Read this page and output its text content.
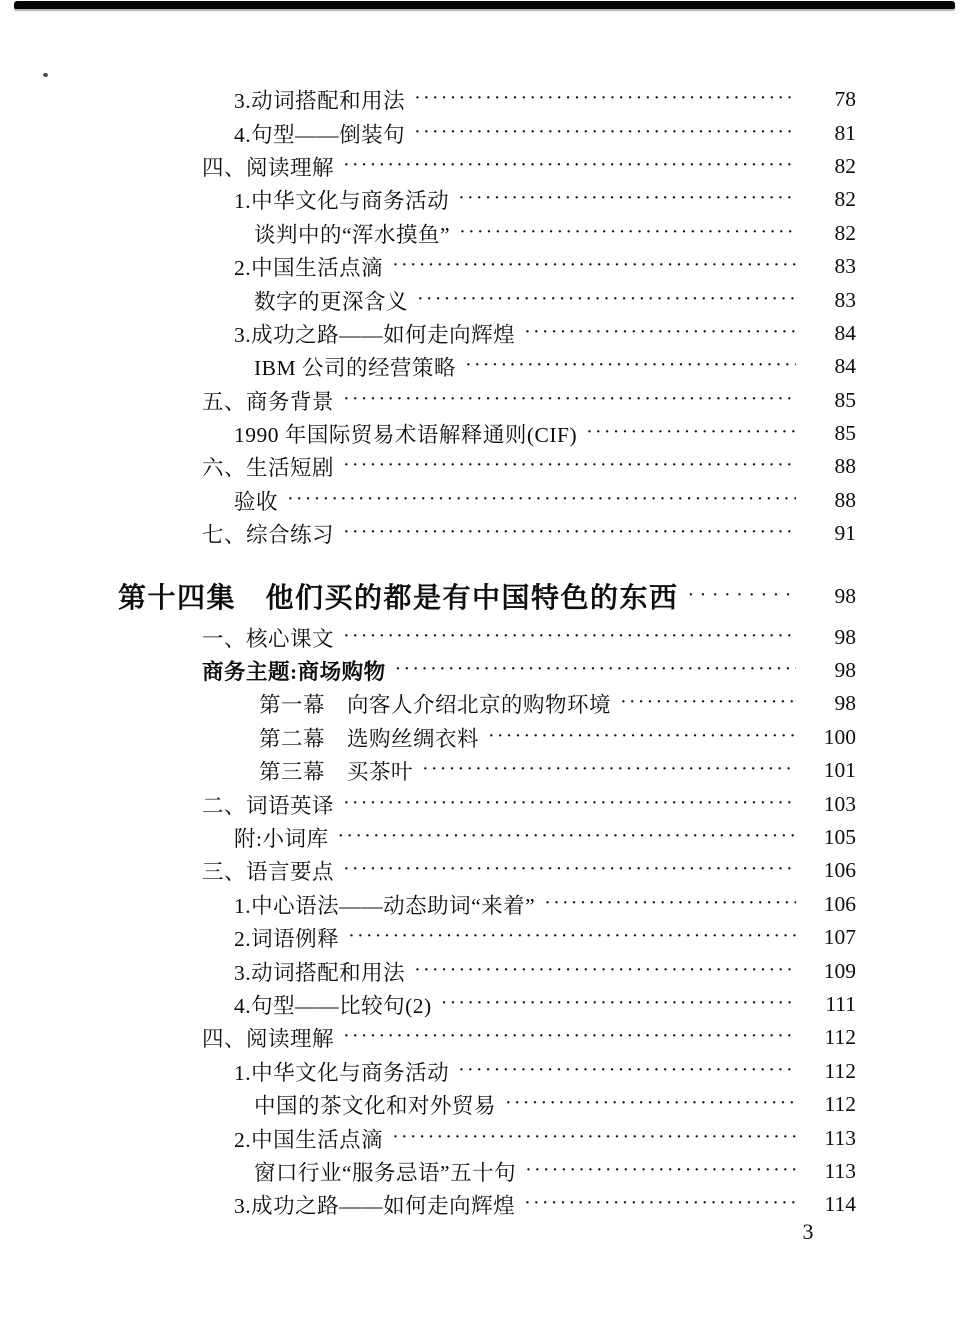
3.动词搭配和用法 ·····	78
4.句型——倒装句 ·····	81
四、阅读理解 ·····	82
1.中华文化与商务活动 ·····	82
谈判中的“浑水摸鱼” ·····	82
2.中国生活点滴 ·····	83
数字的更深含义 ·····	83
3.成功之路——如何走向辉煌 ·····	84
IBM 公司的经营策略 ·····	84
五、商务背景 ·····	85
1990 年国际贸易术语解释通则(CIF) ·····	85
六、生活短剧 ·····	88
验收 ·····	88
七、综合练习 ·····	91
第十四集　他们买的都是有中国特色的东西 ·····	98
一、核心课文 ·····	98
商务主题:商场购物 ·····	98
第一幕　向客人介绍北京的购物环境 ·····	98
第二幕　选购丝绸衣料 ·····	100
第三幕　买茶叶 ·····	101
二、词语英译 ·····	103
附:小词库 ·····	105
三、语言要点 ·····	106
1.中心语法——动态助词“来着” ·····	106
2.词语例释 ·····	107
3.动词搭配和用法 ·····	109
4.句型——比较句(2) ·····	111
四、阅读理解 ·····	112
1.中华文化与商务活动 ·····	112
中国的茶文化和对外贸易 ·····	112
2.中国生活点滴 ·····	113
窗口行业“服务忌语”五十句 ·····	113
3.成功之路——如何走向辉煌 ·····	114
3
